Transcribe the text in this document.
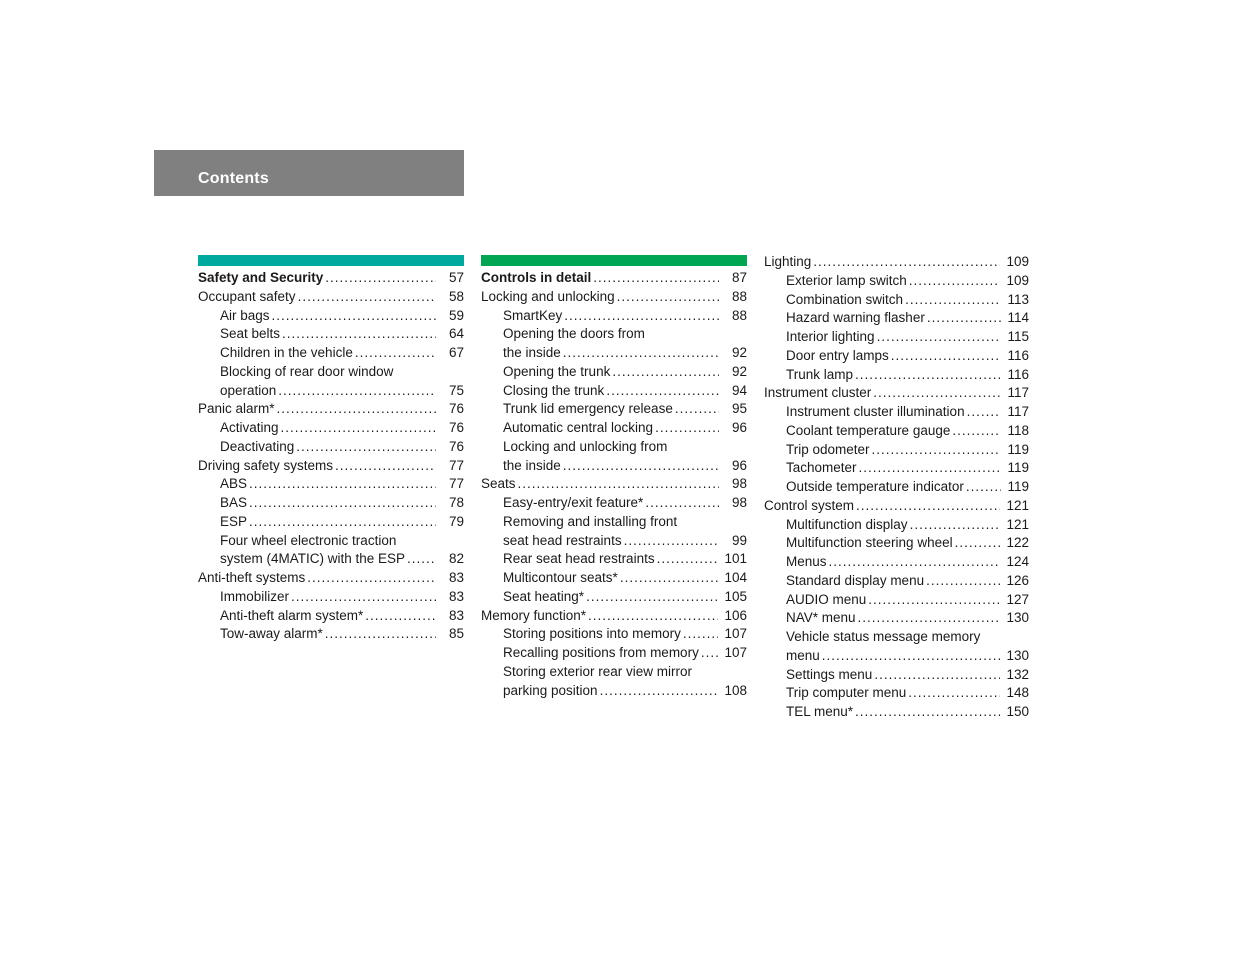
Contents
Safety and Security .....	57
Occupant safety .....	58
Air bags .....	59
Seat belts .....	64
Children in the vehicle .....	67
Blocking of rear door window
operation .....	75
Panic alarm* .....	76
Activating .....	76
Deactivating .....	76
Driving safety systems .....	77
ABS .....	77
BAS .....	78
ESP .....	79
Four wheel electronic traction
system (4MATIC) with the ESP .....	82
Anti-theft systems .....	83
Immobilizer .....	83
Anti-theft alarm system* .....	83
Tow-away alarm* .....	85
Controls in detail .....	87
Locking and unlocking .....	88
SmartKey .....	88
Opening the doors from
the inside .....	92
Opening the trunk .....	92
Closing the trunk .....	94
Trunk lid emergency release .....	95
Automatic central locking .....	96
Locking and unlocking from
the inside .....	96
Seats .....	98
Easy-entry/exit feature* .....	98
Removing and installing front
seat head restraints .....	99
Rear seat head restraints .....	101
Multicontour seats* .....	104
Seat heating* .....	105
Memory function* .....	106
Storing positions into memory .....	107
Recalling positions from memory ..... 107
Storing exterior rear view mirror
parking position .....	108
Lighting .....	109
Exterior lamp switch .....	109
Combination switch .....	113
Hazard warning flasher .....	114
Interior lighting .....	115
Door entry lamps .....	116
Trunk lamp .....	116
Instrument cluster .....	117
Instrument cluster illumination .....	117
Coolant temperature gauge .....	118
Trip odometer .....	119
Tachometer .....	119
Outside temperature indicator .....	119
Control system .....	121
Multifunction display .....	121
Multifunction steering wheel .....	122
Menus .....	124
Standard display menu .....	126
AUDIO menu .....	127
NAV* menu .....	130
Vehicle status message memory
menu .....	130
Settings menu .....	132
Trip computer menu .....	148
TEL menu* .....	150
